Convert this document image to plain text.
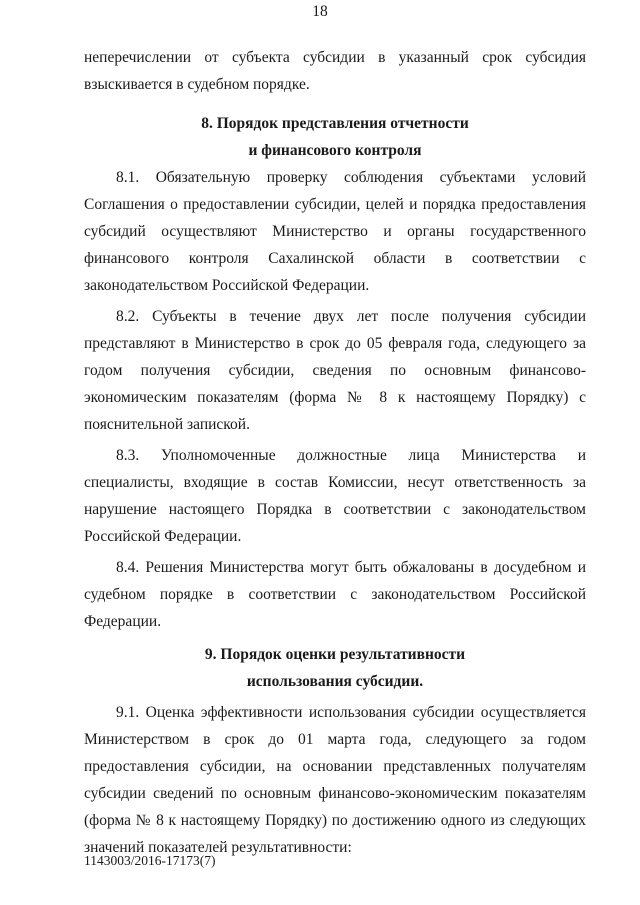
18

неперечислении от субъекта субсидии в указанный срок субсидия взыскивается в судебном порядке.

8. Порядок представления отчетности
и финансового контроля

8.1. Обязательную проверку соблюдения субъектами условий Соглашения о предоставлении субсидии, целей и порядка предоставления субсидий осуществляют Министерство и органы государственного финансового контроля Сахалинской области в соответствии с законодательством Российской Федерации.

8.2. Субъекты в течение двух лет после получения субсидии представляют в Министерство в срок до 05 февраля года, следующего за годом получения субсидии, сведения по основным финансово-экономическим показателям (форма № 8 к настоящему Порядку) с пояснительной запиской.

8.3. Уполномоченные должностные лица Министерства и специалисты, входящие в состав Комиссии, несут ответственность за нарушение настоящего Порядка в соответствии с законодательством Российской Федерации.

8.4. Решения Министерства могут быть обжалованы в досудебном и судебном порядке в соответствии с законодательством Российской Федерации.

9. Порядок оценки результативности
использования субсидии.

9.1. Оценка эффективности использования субсидии осуществляется Министерством в срок до 01 марта года, следующего за годом предоставления субсидии, на основании представленных получателям субсидии сведений по основным финансово-экономическим показателям (форма № 8 к настоящему Порядку) по достижению одного из следующих значений показателей результативности:

1143003/2016-17173(7)
